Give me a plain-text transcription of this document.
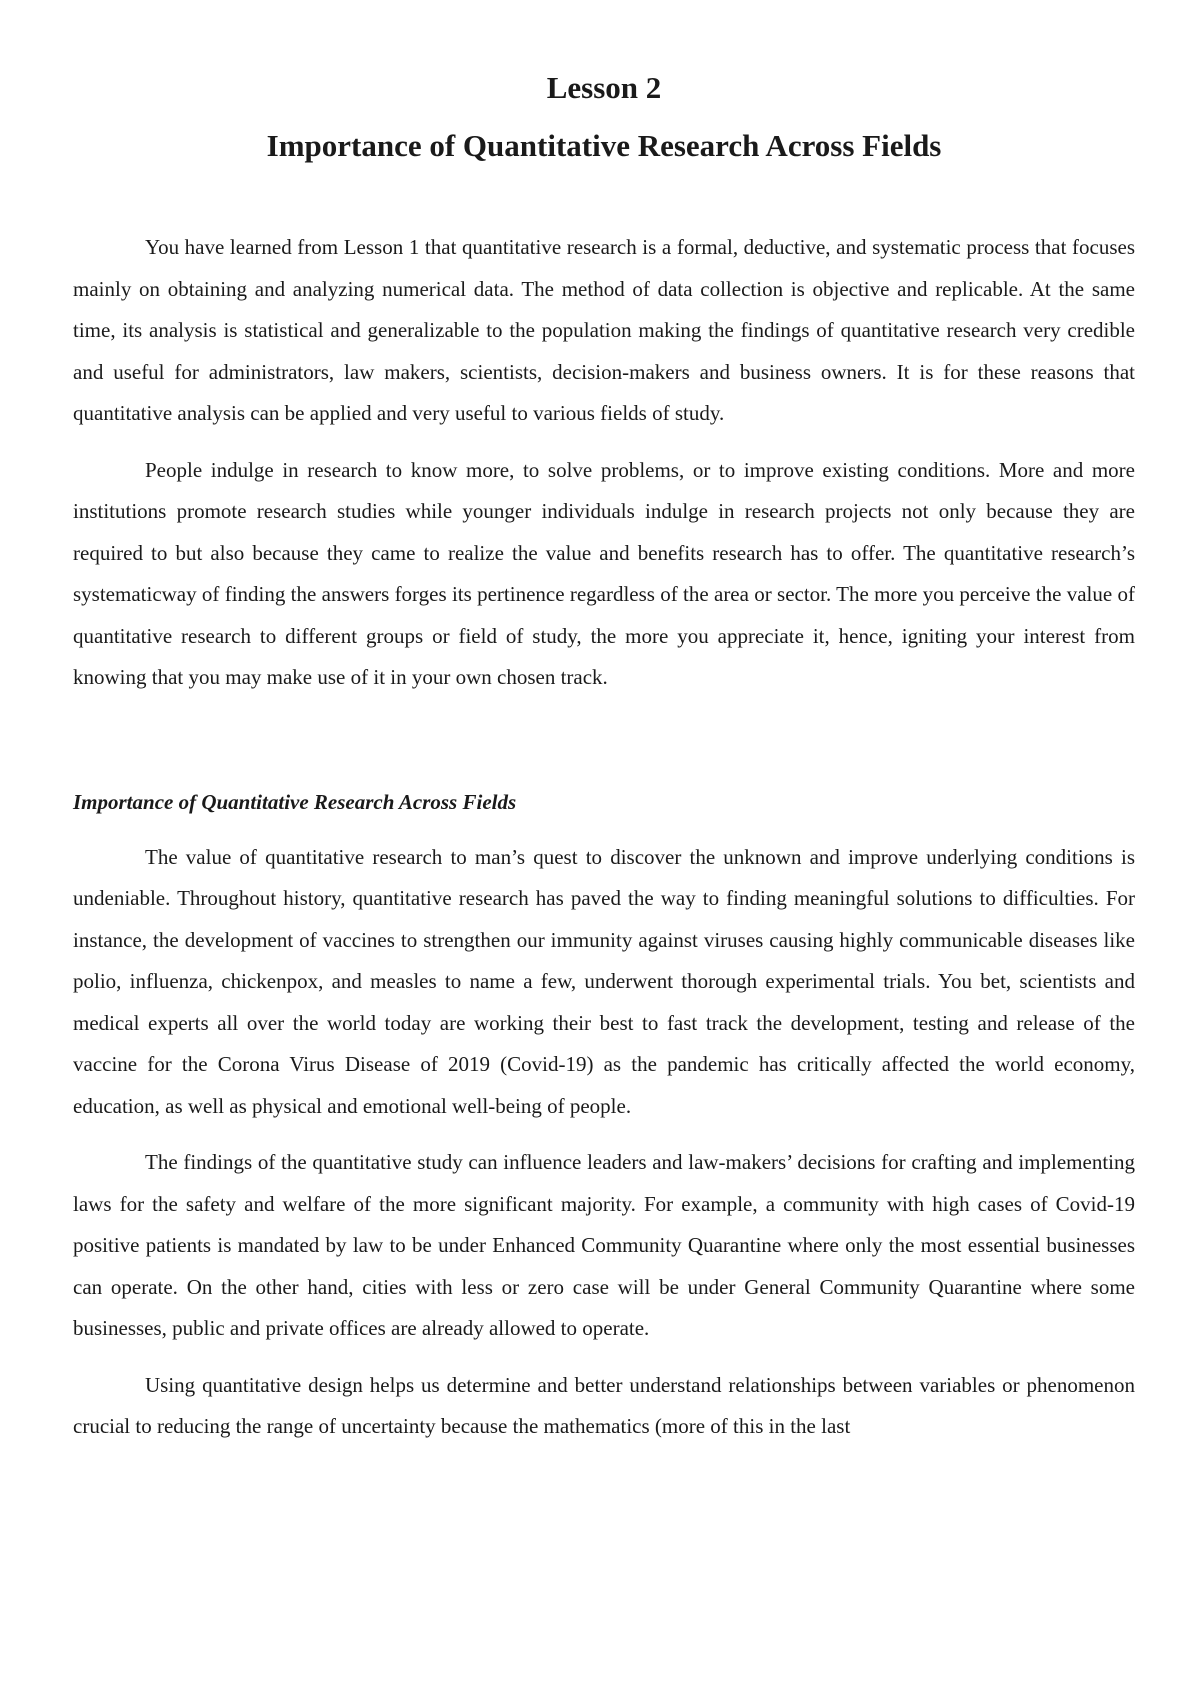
Lesson 2
Importance of Quantitative Research Across Fields

You have learned from Lesson 1 that quantitative research is a formal, deductive, and systematic process that focuses mainly on obtaining and analyzing numerical data. The method of data collection is objective and replicable. At the same time, its analysis is statistical and generalizable to the population making the findings of quantitative research very credible and useful for administrators, law makers, scientists, decision-makers and business owners. It is for these reasons that quantitative analysis can be applied and very useful to various fields of study.

People indulge in research to know more, to solve problems, or to improve existing conditions. More and more institutions promote research studies while younger individuals indulge in research projects not only because they are required to but also because they came to realize the value and benefits research has to offer. The quantitative research’s systematicway of finding the answers forges its pertinence regardless of the area or sector. The more you perceive the value of quantitative research to different groups or field of study, the more you appreciate it, hence, igniting your interest from knowing that you may make use of it in your own chosen track.

Importance of Quantitative Research Across Fields

The value of quantitative research to man’s quest to discover the unknown and improve underlying conditions is undeniable. Throughout history, quantitative research has paved the way to finding meaningful solutions to difficulties. For instance, the development of vaccines to strengthen our immunity against viruses causing highly communicable diseases like polio, influenza, chickenpox, and measles to name a few, underwent thorough experimental trials. You bet, scientists and medical experts all over the world today are working their best to fast track the development, testing and release of the vaccine for the Corona Virus Disease of 2019 (Covid-19) as the pandemic has critically affected the world economy, education, as well as physical and emotional well-being of people.

The findings of the quantitative study can influence leaders and law-makers’ decisions for crafting and implementing laws for the safety and welfare of the more significant majority. For example, a community with high cases of Covid-19 positive patients is mandated by law to be under Enhanced Community Quarantine where only the most essential businesses can operate. On the other hand, cities with less or zero case will be under General Community Quarantine where some businesses, public and private offices are already allowed to operate.

Using quantitative design helps us determine and better understand relationships between variables or phenomenon crucial to reducing the range of uncertainty because the mathematics (more of this in the last
